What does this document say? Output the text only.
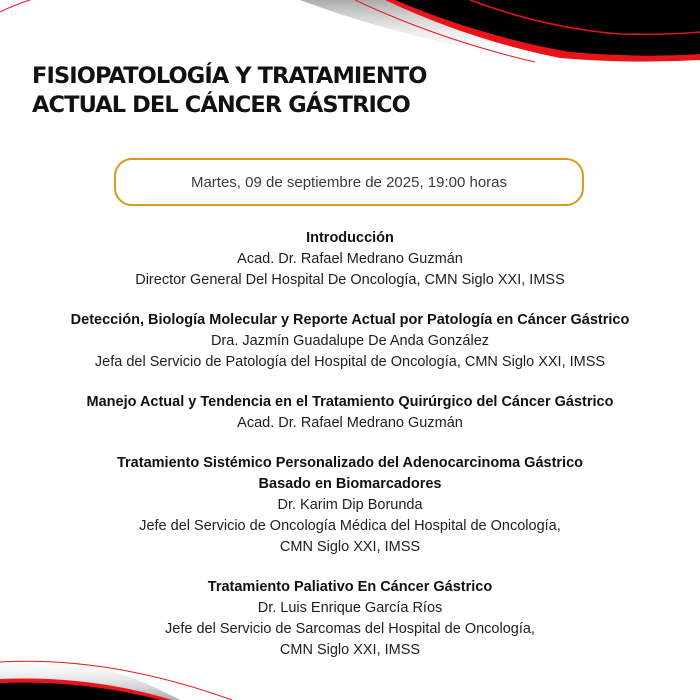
FISIOPATOLOGÍA Y TRATAMIENTO
ACTUAL DEL CÁNCER GÁSTRICO
Martes, 09 de septiembre de 2025, 19:00 horas
Introducción
Acad. Dr. Rafael Medrano Guzmán
Director General Del Hospital De Oncología, CMN Siglo XXI, IMSS
Detección, Biología Molecular y Reporte Actual por Patología en Cáncer Gástrico
Dra. Jazmín Guadalupe De Anda González
Jefa del Servicio de Patología del Hospital de Oncología, CMN Siglo XXI, IMSS
Manejo Actual y Tendencia en el Tratamiento Quirúrgico del Cáncer Gástrico
Acad. Dr. Rafael Medrano Guzmán
Tratamiento Sistémico Personalizado del Adenocarcinoma Gástrico
Basado en Biomarcadores
Dr. Karim Dip Borunda
Jefe del Servicio de Oncología Médica del Hospital de Oncología,
CMN Siglo XXI, IMSS
Tratamiento Paliativo En Cáncer Gástrico
Dr. Luis Enrique García Ríos
Jefe del Servicio de Sarcomas del Hospital de Oncología,
CMN Siglo XXI, IMSS
